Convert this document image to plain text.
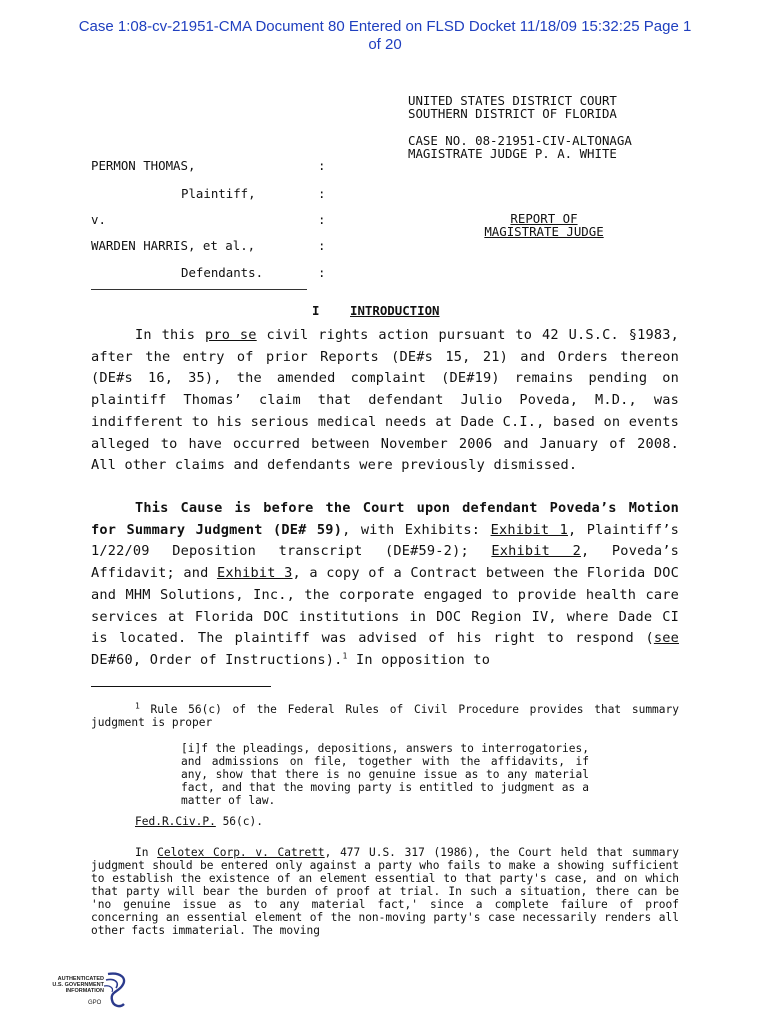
Case 1:08-cv-21951-CMA Document 80 Entered on FLSD Docket 11/18/09 15:32:25 Page 1
of 20
UNITED STATES DISTRICT COURT
SOUTHERN DISTRICT OF FLORIDA
CASE NO. 08-21951-CIV-ALTONAGA
MAGISTRATE JUDGE P. A. WHITE
PERMON THOMAS,	:
Plaintiff,	:
v.	:
WARDEN HARRIS, et al.,	:
Defendants.	:
REPORT OF
MAGISTRATE JUDGE
I INTRODUCTION
In this pro se civil rights action pursuant to 42 U.S.C. §1983, after the entry of prior Reports (DE#s 15, 21) and Orders thereon (DE#s 16, 35), the amended complaint (DE#19) remains pending on plaintiff Thomas’ claim that defendant Julio Poveda, M.D., was indifferent to his serious medical needs at Dade C.I., based on events alleged to have occurred between November 2006 and January of 2008. All other claims and defendants were previously dismissed.
This Cause is before the Court upon defendant Poveda’s Motion for Summary Judgment (DE# 59), with Exhibits: Exhibit 1, Plaintiff’s 1/22/09 Deposition transcript (DE#59-2); Exhibit 2, Poveda’s Affidavit; and Exhibit 3, a copy of a Contract between the Florida DOC and MHM Solutions, Inc., the corporate engaged to provide health care services at Florida DOC institutions in DOC Region IV, where Dade CI is located. The plaintiff was advised of his right to respond (see DE#60, Order of Instructions).$^1$ In opposition to
$^1$ Rule 56(c) of the Federal Rules of Civil Procedure provides that summary judgment is proper
[i]f the pleadings, depositions, answers to interrogatories, and admissions on file, together with the affidavits, if any, show that there is no genuine issue as to any material fact, and that the moving party is entitled to judgment as a matter of law.
Fed.R.Civ.P. 56(c).
In Celotex Corp. v. Catrett, 477 U.S. 317 (1986), the Court held that summary judgment should be entered only against a party who fails to make a showing sufficient to establish the existence of an element essential to that party's case, and on which that party will bear the burden of proof at trial. In such a situation, there can be 'no genuine issue as to any material fact,' since a complete failure of proof concerning an essential element of the non-moving party's case necessarily renders all other facts immaterial. The moving
AUTHENTICATED
U.S. GOVERNMENT
INFORMATION
GPO
